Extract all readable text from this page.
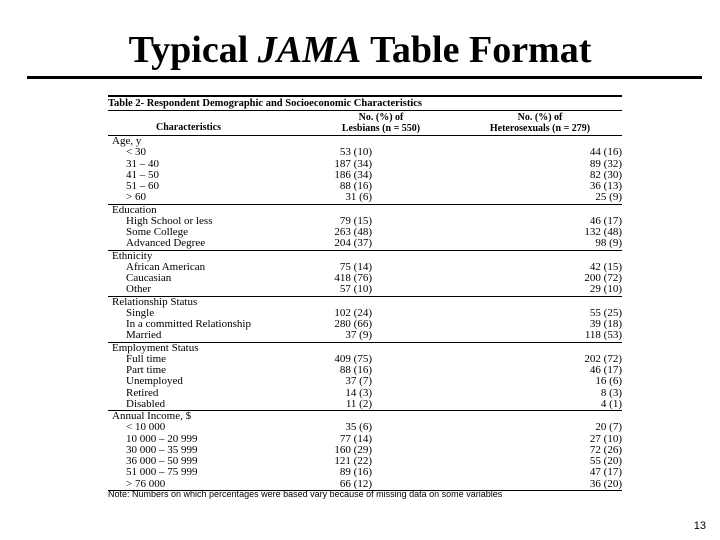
Typical JAMA Table Format
Table 2- Respondent Demographic and Socioeconomic Characteristics
Characteristics
No. (%) of
Lesbians (n = 550)
No. (%) of
Heterosexuals (n = 279)
Age, y
< 30	53 (10)	44 (16)
31 – 40	187 (34)	89 (32)
41 – 50	186 (34)	82 (30)
51 – 60	88 (16)	36 (13)
> 60	31 (6)	25 (9)
Education
High School or less	79 (15)	46 (17)
Some College	263 (48)	132 (48)
Advanced Degree	204 (37)	98 (9)
Ethnicity
African American	75 (14)	42 (15)
Caucasian	418 (76)	200 (72)
Other	57 (10)	29 (10)
Relationship Status
Single	102 (24)	55 (25)
In a committed Relationship	280 (66)	39 (18)
Married	37 (9)	118 (53)
Employment Status
Full time	409 (75)	202 (72)
Part time	88 (16)	46 (17)
Unemployed	37 (7)	16 (6)
Retired	14 (3)	8 (3)
Disabled	11 (2)	4 (1)
Annual Income, $
< 10 000	35 (6)	20 (7)
10 000 – 20 999	77 (14)	27 (10)
30 000 – 35 999	160 (29)	72 (26)
36 000 – 50 999	121 (22)	55 (20)
51 000 – 75 999	89 (16)	47 (17)
> 76 000	66 (12)	36 (20)
Note: Numbers on which percentages were based vary because of missing data on some variables
13
